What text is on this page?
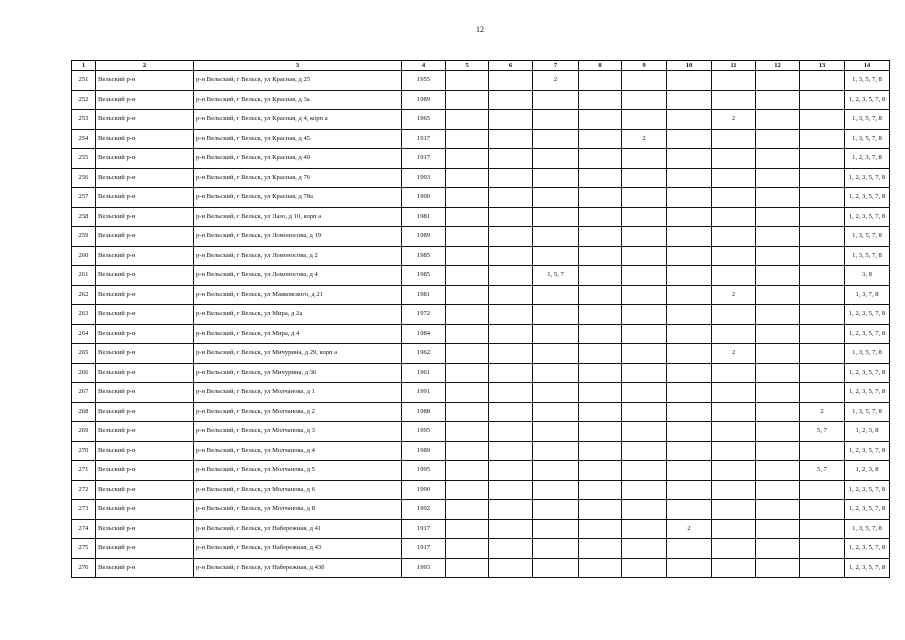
12
1	2	3	4	5	6	7	8	9	10	11	12	13	14
251	Вельский р-н	р-н Вельский, г Вельск, ул Красная, д 25	1955			2							1, 3, 5, 7, 8
252	Вельский р-н	р-н Вельский, г Вельск, ул Красная, д 3а	1989										1, 2, 3, 5, 7, 8
253	Вельский р-н	р-н Вельский, г Вельск, ул Красная, д 4, корп а	1965							2			1, 3, 5, 7, 8
254	Вельский р-н	р-н Вельский, г Вельск, ул Красная, д 45	1917					2					1, 3, 5, 7, 8
255	Вельский р-н	р-н Вельский, г Вельск, ул Красная, д 49	1917										1, 2, 3, 7, 8
256	Вельский р-н	р-н Вельский, г Вельск, ул Красная, д 76	1993										1, 2, 3, 5, 7, 8
257	Вельский р-н	р-н Вельский, г Вельск, ул Красная, д 78а	1990										1, 2, 3, 5, 7, 8
258	Вельский р-н	р-н Вельский, г Вельск, ул Лазо, д 10, корп а	1981										1, 2, 3, 5, 7, 8
259	Вельский р-н	р-н Вельский, г Вельск, ул Ломоносова, д 19	1989										1, 3, 5, 7, 8
260	Вельский р-н	р-н Вельский, г Вельск, ул Ломоносова, д 2	1985										1, 3, 5, 7, 8
261	Вельский р-н	р-н Вельский, г Вельск, ул Ломоносова, д 4	1985			1, 5, 7							3, 8
262	Вельский р-н	р-н Вельский, г Вельск, ул Маяковского, д 21	1981							2			1, 3, 7, 8
263	Вельский р-н	р-н Вельский, г Вельск, ул Мира, д 2а	1972										1, 2, 3, 5, 7, 8
264	Вельский р-н	р-н Вельский, г Вельск, ул Мира, д 4	1984										1, 2, 3, 5, 7, 8
265	Вельский р-н	р-н Вельский, г Вельск, ул Мичурина, д 29, корп а	1962							2			1, 3, 5, 7, 8
266	Вельский р-н	р-н Вельский, г Вельск, ул Мичурина, д 36	1961										1, 2, 3, 5, 7, 8
267	Вельский р-н	р-н Вельский, г Вельск, ул Молчанова, д 1	1991										1, 2, 3, 5, 7, 8
268	Вельский р-н	р-н Вельский, г Вельск, ул Молчанова, д 2	1988									2	1, 3, 5, 7, 8
269	Вельский р-н	р-н Вельский, г Вельск, ул Молчанова, д 3	1995									5, 7	1, 2, 3, 8
270	Вельский р-н	р-н Вельский, г Вельск, ул Молчанова, д 4	1989										1, 2, 3, 5, 7, 8
271	Вельский р-н	р-н Вельский, г Вельск, ул Молчанова, д 5	1995									5, 7	1, 2, 3, 8
272	Вельский р-н	р-н Вельский, г Вельск, ул Молчанова, д 6	1990										1, 2, 3, 5, 7, 8
273	Вельский р-н	р-н Вельский, г Вельск, ул Молчанова, д 8	1992										1, 2, 3, 5, 7, 8
274	Вельский р-н	р-н Вельский, г Вельск, ул Набережная, д 41	1917						2				1, 3, 5, 7, 8
275	Вельский р-н	р-н Вельский, г Вельск, ул Набережная, д 43	1917										1, 2, 3, 5, 7, 8
276	Вельский р-н	р-н Вельский, г Вельск, ул Набережная, д 43б	1993										1, 2, 3, 5, 7, 8
